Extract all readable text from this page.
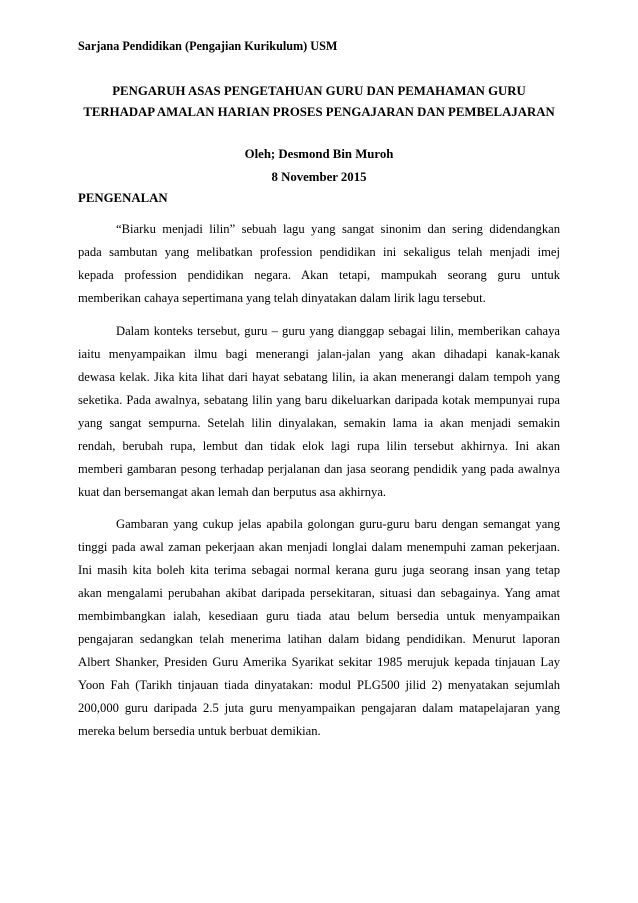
Sarjana Pendidikan (Pengajian Kurikulum) USM
PENGARUH ASAS PENGETAHUAN GURU DAN PEMAHAMAN GURU
TERHADAP AMALAN HARIAN PROSES PENGAJARAN DAN PEMBELAJARAN
Oleh; Desmond Bin Muroh
8 November 2015
PENGENALAN
“Biarku menjadi lilin” sebuah lagu yang sangat sinonim dan sering didendangkan
pada sambutan yang melibatkan profession pendidikan ini sekaligus telah menjadi imej
kepada profession pendidikan negara. Akan tetapi, mampukah seorang guru untuk
memberikan cahaya sepertimana yang telah dinyatakan dalam lirik lagu tersebut.
Dalam konteks tersebut, guru – guru yang dianggap sebagai lilin, memberikan cahaya
iaitu menyampaikan ilmu bagi menerangi jalan-jalan yang akan dihadapi kanak-kanak
dewasa kelak. Jika kita lihat dari hayat sebatang lilin, ia akan menerangi dalam tempoh yang
seketika. Pada awalnya, sebatang lilin yang baru dikeluarkan daripada kotak mempunyai rupa
yang sangat sempurna. Setelah lilin dinyalakan, semakin lama ia akan menjadi semakin
rendah, berubah rupa, lembut dan tidak elok lagi rupa lilin tersebut akhirnya. Ini akan
memberi gambaran pesong terhadap perjalanan dan jasa seorang pendidik yang pada awalnya
kuat dan bersemangat akan lemah dan berputus asa akhirnya.
Gambaran yang cukup jelas apabila golongan guru-guru baru dengan semangat yang
tinggi pada awal zaman pekerjaan akan menjadi longlai dalam menempuhi zaman pekerjaan.
Ini masih kita boleh kita terima sebagai normal kerana guru juga seorang insan yang tetap
akan mengalami perubahan akibat daripada persekitaran, situasi dan sebagainya. Yang amat
membimbangkan ialah, kesediaan guru tiada atau belum bersedia untuk menyampaikan
pengajaran sedangkan telah menerima latihan dalam bidang pendidikan. Menurut laporan
Albert Shanker, Presiden Guru Amerika Syarikat sekitar 1985 merujuk kepada tinjauan Lay
Yoon Fah (Tarikh tinjauan tiada dinyatakan: modul PLG500 jilid 2) menyatakan sejumlah
200,000 guru daripada 2.5 juta guru menyampaikan pengajaran dalam matapelajaran yang
mereka belum bersedia untuk berbuat demikian.
